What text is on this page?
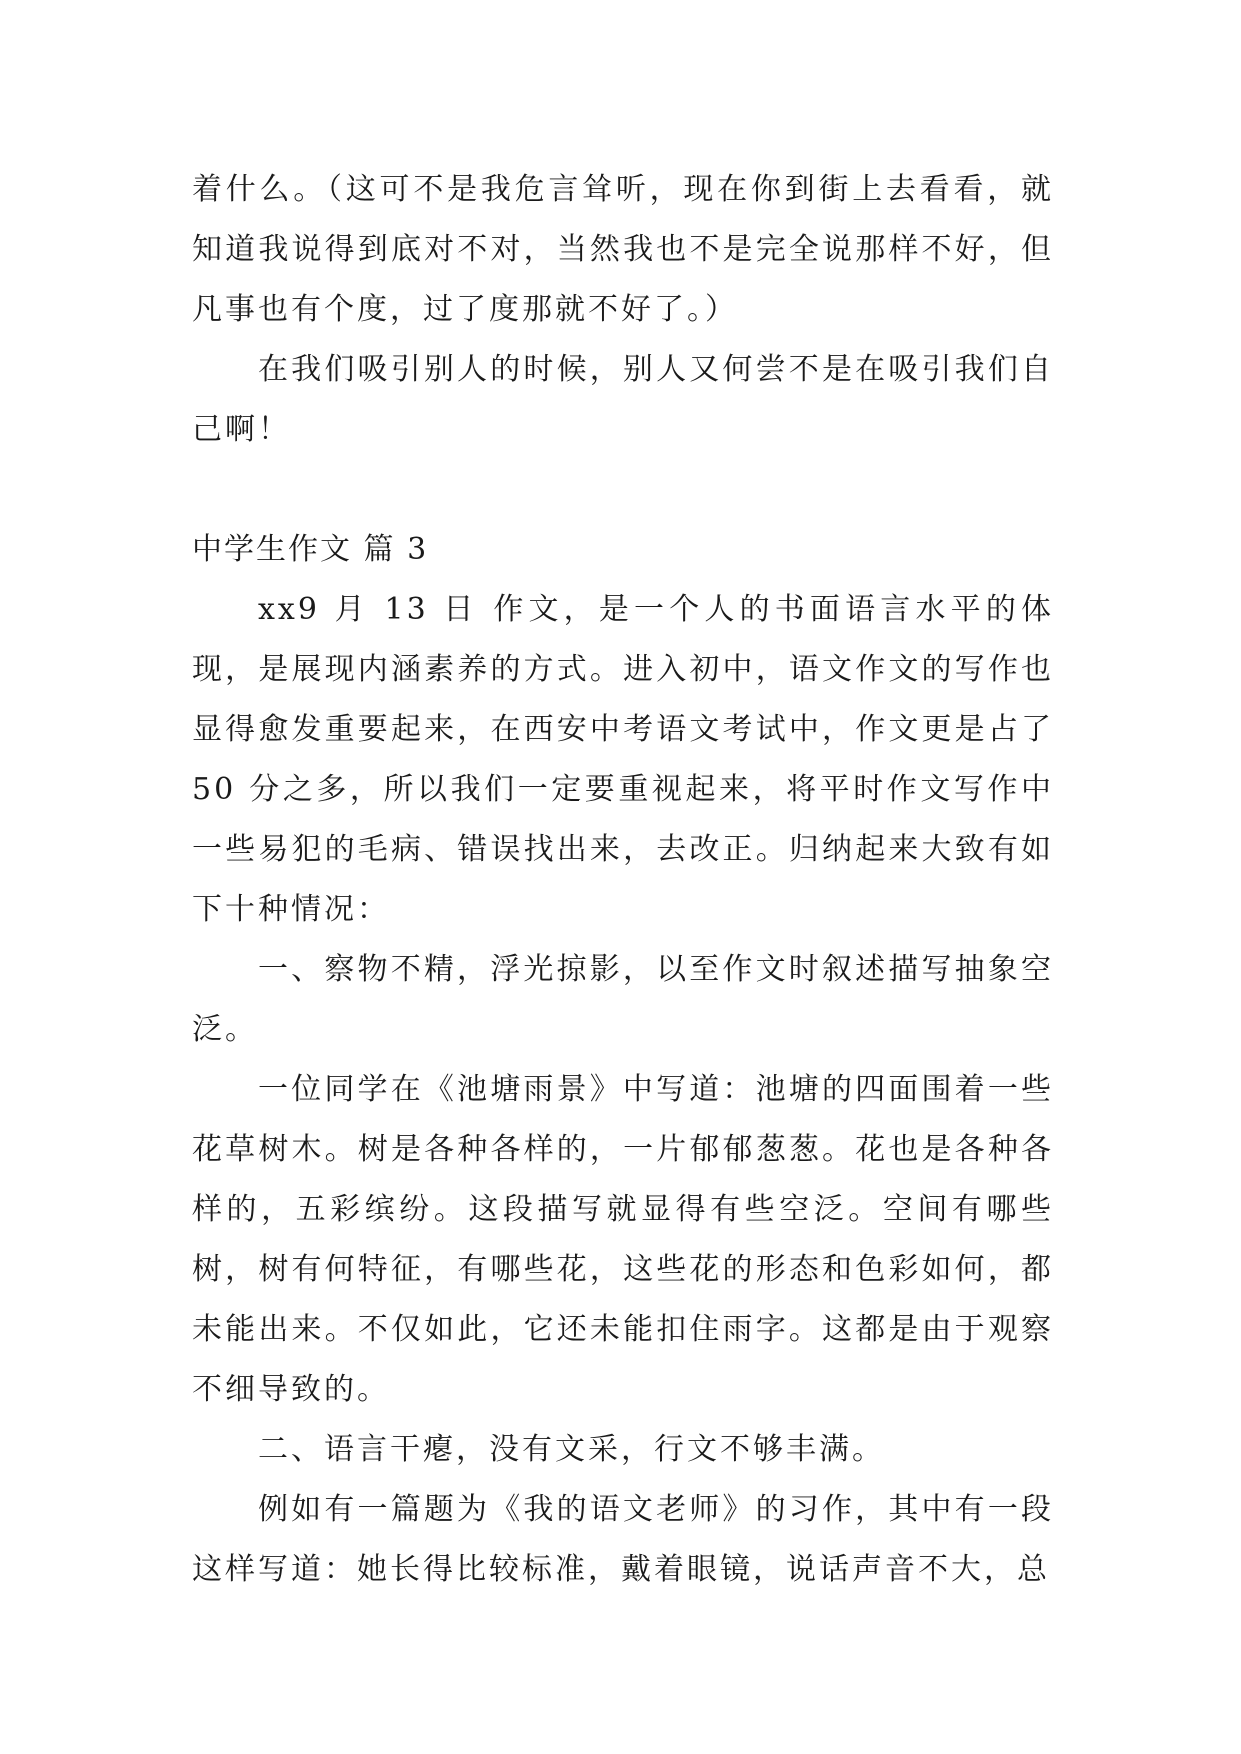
着什么。（这可不是我危言耸听，现在你到街上去看看，就知道我说得到底对不对，当然我也不是完全说那样不好，但凡事也有个度，过了度那就不好了。）

在我们吸引别人的时候，别人又何尝不是在吸引我们自己啊！

中学生作文 篇 3

xx9 月 13 日 作文，是一个人的书面语言水平的体现，是展现内涵素养的方式。进入初中，语文作文的写作也显得愈发重要起来，在西安中考语文考试中，作文更是占了 50 分之多，所以我们一定要重视起来，将平时作文写作中一些易犯的毛病、错误找出来，去改正。归纳起来大致有如下十种情况：

一、察物不精，浮光掠影，以至作文时叙述描写抽象空泛。

一位同学在《池塘雨景》中写道：池塘的四面围着一些花草树木。树是各种各样的，一片郁郁葱葱。花也是各种各样的，五彩缤纷。这段描写就显得有些空泛。空间有哪些树，树有何特征，有哪些花，这些花的形态和色彩如何，都未能出来。不仅如此，它还未能扣住雨字。这都是由于观察不细导致的。

二、语言干瘪，没有文采，行文不够丰满。

例如有一篇题为《我的语文老师》的习作，其中有一段这样写道：她长得比较标准，戴着眼镜，说话声音不大，总
